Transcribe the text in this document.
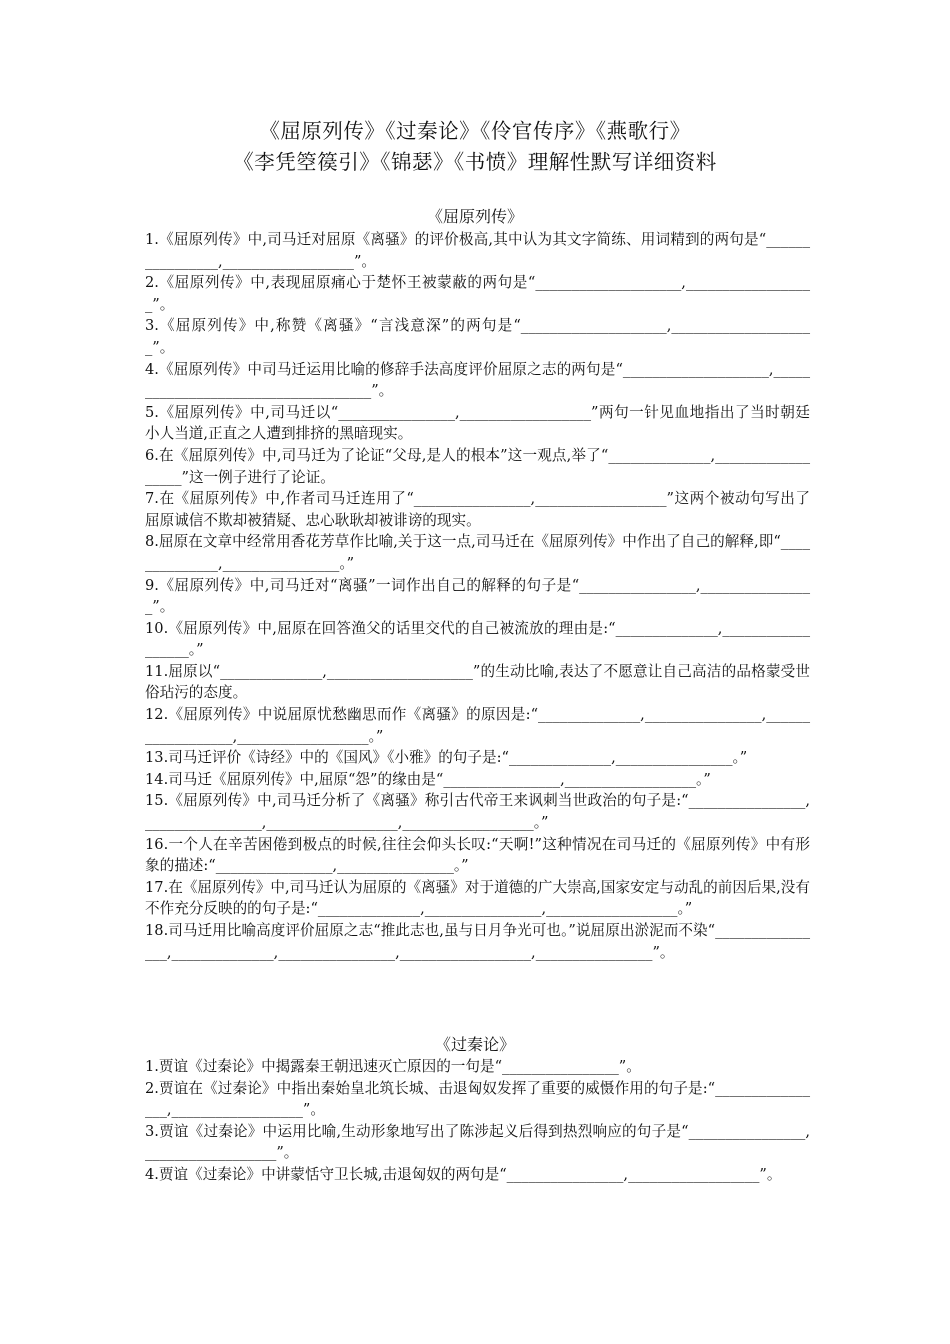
《屈原列传》《过秦论》《伶官传序》《燕歌行》
《李凭箜篌引》《锦瑟》《书愤》理解性默写详细资料
《屈原列传》

1.《屈原列传》中,司马迁对屈原《离骚》的评价极高,其中认为其文字简练、用词精到的两句是“________________,__________________”。

2.《屈原列传》中,表现屈原痛心于楚怀王被蒙蔽的两句是“____________________,__________________”。

3.《屈原列传》中,称赞《离骚》“言浅意深”的两句是“____________________,____________________”。

4.《屈原列传》中司马迁运用比喻的修辞手法高度评价屈原之志的两句是“____________________,____________________________________”。

5.《屈原列传》中,司马迁以“________________,__________________”两句一针见血地指出了当时朝廷小人当道,正直之人遭到排挤的黑暗现实。

6.在《屈原列传》中,司马迁为了论证“父母,是人的根本”这一观点,举了“______________,__________________”这一例子进行了论证。

7.在《屈原列传》中,作者司马迁连用了“________________,__________________”这两个被动句写出了屈原诚信不欺却被猜疑、忠心耿耿却被诽谤的现实。

8.屈原在文章中经常用香花芳草作比喻,关于这一点,司马迁在《屈原列传》中作出了自己的解释,即“______________,________________。”

9.《屈原列传》中,司马迁对“离骚”一词作出自己的解释的句子是“________________,________________”。

10.《屈原列传》中,屈原在回答渔父的话里交代的自己被流放的理由是:“______________,__________________。”

11.屈原以“______________,____________________”的生动比喻,表达了不愿意让自己高洁的品格蒙受世俗玷污的态度。

12.《屈原列传》中说屈原忧愁幽思而作《离骚》的原因是:“______________,________________,__________________,__________________。”

13.司马迁评价《诗经》中的《国风》《小雅》的句子是:“______________,________________。”

14.司马迁《屈原列传》中,屈原“怨”的缘由是“________________,__________________。”

15.《屈原列传》中,司马迁分析了《离骚》称引古代帝王来讽刺当世政治的句子是:“________________,________________,__________________,__________________。”

16.一个人在辛苦困倦到极点的时候,往往会仰头长叹:“天啊!”这种情况在司马迁的《屈原列传》中有形象的描述:“________________,________________。”

17.在《屈原列传》中,司马迁认为屈原的《离骚》对于道德的广大崇高,国家安定与动乱的前因后果,没有不作充分反映的的句子是:“______________,________________,__________________。”

18.司马迁用比喻高度评价屈原之志“推此志也,虽与日月争光可也。”说屈原出淤泥而不染“________________,______________,________________,__________________,________________”。

《过秦论》

1.贾谊《过秦论》中揭露秦王朝迅速灭亡原因的一句是“________________”。

2.贾谊在《过秦论》中指出秦始皇北筑长城、击退匈奴发挥了重要的威慑作用的句子是:“________________,__________________”。

3.贾谊《过秦论》中运用比喻,生动形象地写出了陈涉起义后得到热烈响应的句子是“________________,__________________”。

4.贾谊《过秦论》中讲蒙恬守卫长城,击退匈奴的两句是“________________,__________________”。
